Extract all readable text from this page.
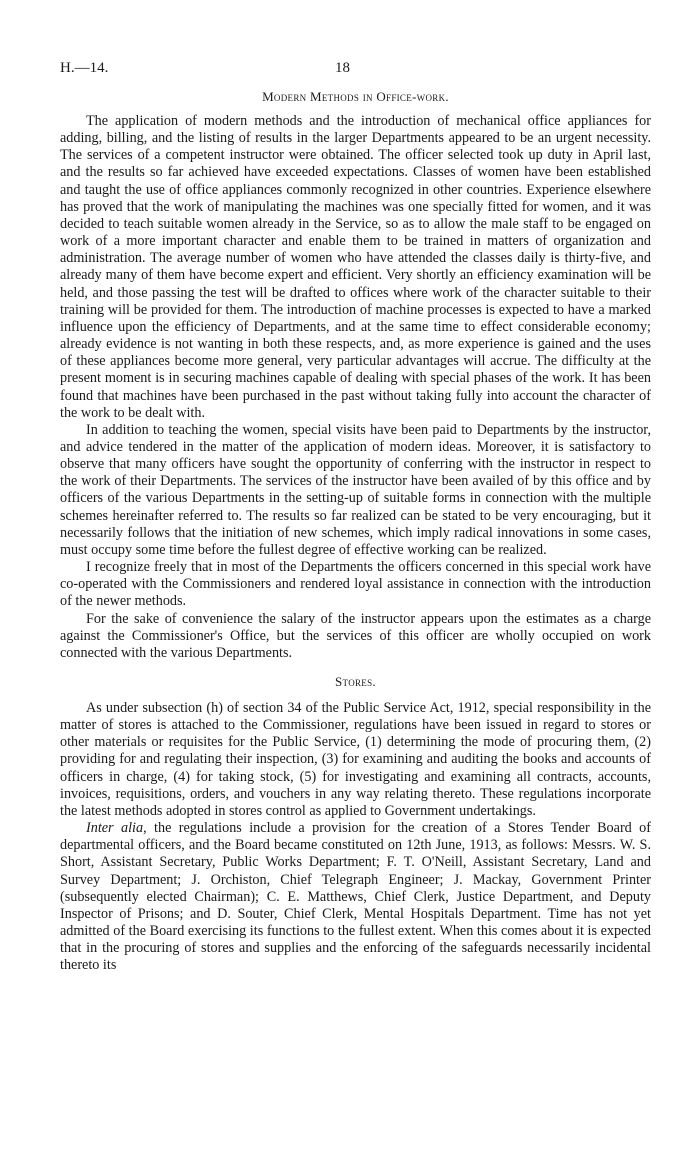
H.—14.	18
Modern Methods in Office-work.

The application of modern methods and the introduction of mechanical office appliances for adding, billing, and the listing of results in the larger Departments appeared to be an urgent necessity. The services of a competent instructor were obtained. The officer selected took up duty in April last, and the results so far achieved have exceeded expectations. Classes of women have been established and taught the use of office appliances commonly recognized in other countries. Experience elsewhere has proved that the work of manipulating the machines was one specially fitted for women, and it was decided to teach suitable women already in the Service, so as to allow the male staff to be engaged on work of a more important character and enable them to be trained in matters of organization and administration. The average number of women who have attended the classes daily is thirty-five, and already many of them have become expert and efficient. Very shortly an efficiency examination will be held, and those passing the test will be drafted to offices where work of the character suitable to their training will be provided for them. The introduction of machine processes is expected to have a marked influence upon the efficiency of Departments, and at the same time to effect considerable economy; already evidence is not wanting in both these respects, and, as more experience is gained and the uses of these appliances become more general, very particular advantages will accrue. The difficulty at the present moment is in securing machines capable of dealing with special phases of the work. It has been found that machines have been purchased in the past without taking fully into account the character of the work to be dealt with.

In addition to teaching the women, special visits have been paid to Departments by the instructor, and advice tendered in the matter of the application of modern ideas. Moreover, it is satisfactory to observe that many officers have sought the opportunity of conferring with the instructor in respect to the work of their Departments. The services of the instructor have been availed of by this office and by officers of the various Departments in the setting-up of suitable forms in connection with the multiple schemes hereinafter referred to. The results so far realized can be stated to be very encouraging, but it necessarily follows that the initiation of new schemes, which imply radical innovations in some cases, must occupy some time before the fullest degree of effective working can be realized.

I recognize freely that in most of the Departments the officers concerned in this special work have co-operated with the Commissioners and rendered loyal assistance in connection with the introduction of the newer methods.

For the sake of convenience the salary of the instructor appears upon the estimates as a charge against the Commissioner's Office, but the services of this officer are wholly occupied on work connected with the various Departments.

Stores.

As under subsection (h) of section 34 of the Public Service Act, 1912, special responsibility in the matter of stores is attached to the Commissioner, regulations have been issued in regard to stores or other materials or requisites for the Public Service, (1) determining the mode of procuring them, (2) providing for and regulating their inspection, (3) for examining and auditing the books and accounts of officers in charge, (4) for taking stock, (5) for investigating and examining all contracts, accounts, invoices, requisitions, orders, and vouchers in any way relating thereto. These regulations incorporate the latest methods adopted in stores control as applied to Government undertakings.

Inter alia, the regulations include a provision for the creation of a Stores Tender Board of departmental officers, and the Board became constituted on 12th June, 1913, as follows: Messrs. W. S. Short, Assistant Secretary, Public Works Department; F. T. O'Neill, Assistant Secretary, Land and Survey Department; J. Orchiston, Chief Telegraph Engineer; J. Mackay, Government Printer (subsequently elected Chairman); C. E. Matthews, Chief Clerk, Justice Department, and Deputy Inspector of Prisons; and D. Souter, Chief Clerk, Mental Hospitals Department. Time has not yet admitted of the Board exercising its functions to the fullest extent. When this comes about it is expected that in the procuring of stores and supplies and the enforcing of the safeguards necessarily incidental thereto its
